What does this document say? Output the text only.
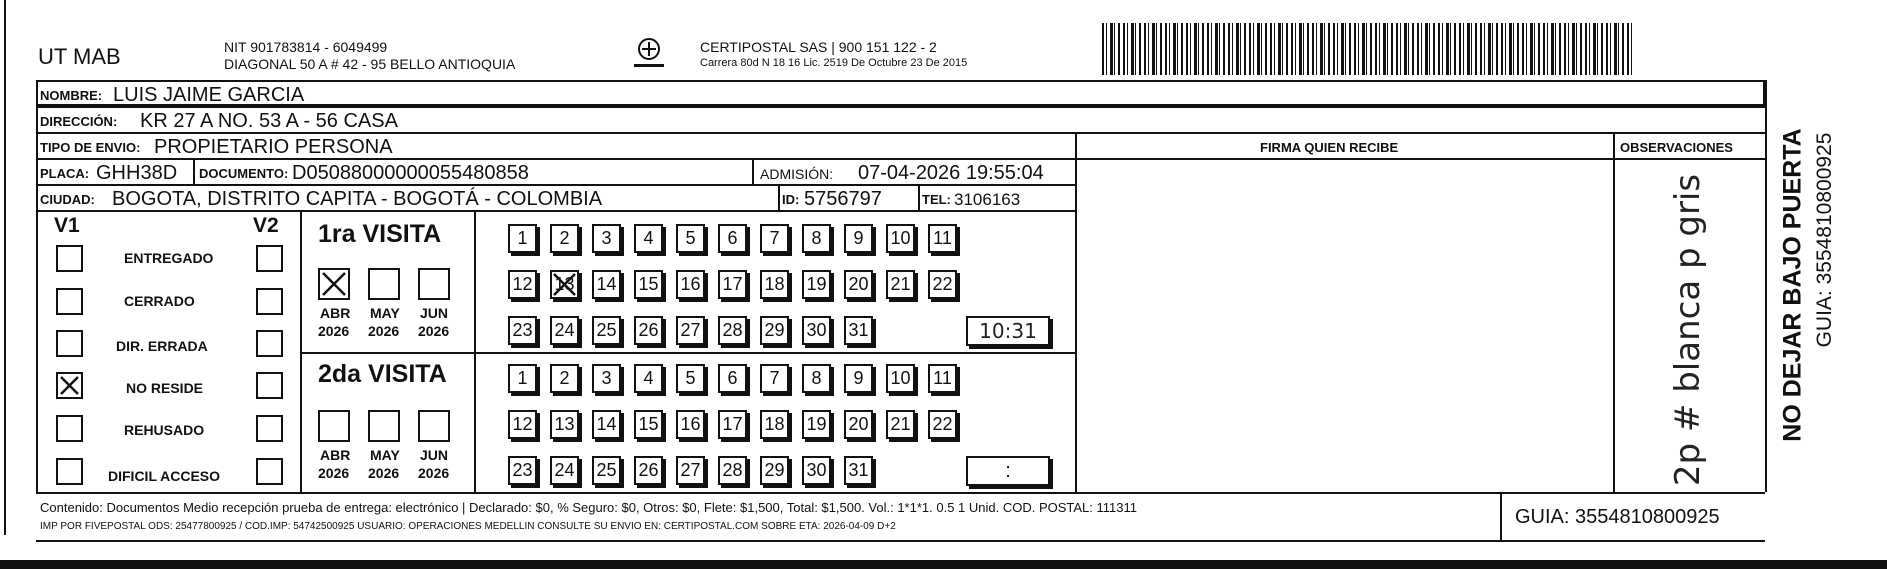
UT MAB	NIT 901783814 - 6049499
DIAGONAL 50 A # 42 - 95 BELLO ANTIOQUIA
CERTIPOSTAL SAS | 900 151 122 - 2
Carrera 80d N 18 16 Lic. 2519 De Octubre 23 De 2015
NOMBRE: LUIS JAIME GARCIA
DIRECCIÓN: KR 27 A NO. 53 A - 56 CASA
TIPO DE ENVIO: PROPIETARIO PERSONA
PLACA: GHH38D DOCUMENTO: D05088000000055480858	ADMISIÓN: 07-04-2026 19:55:04
CIUDAD: BOGOTA, DISTRITO CAPITA - BOGOTÁ - COLOMBIA	ID: 5756797	TEL: 3106163
FIRMA QUIEN RECIBE	OBSERVACIONES
2p # blanca p gris
V1	V2
ENTREGADO
CERRADO
DIR. ERRADA
NO RESIDE
REHUSADO
DIFICIL ACCESO
1ra VISITA
2da VISITA
ABR
2026
MAY
2026
JUN
2026
ABR
2026
MAY
2026
JUN
2026
1	2	3	4	5	6	7	8	9	10 11
12 13 14 15 16 17 18 19 20 21 22
23 24 25 26 27 28 29 30 31	10:31
1	2	3	4	5	6	7	8	9	10 11
12 13 14 15 16 17 18 19 20 21 22
23 24 25 26 27 28 29 30 31	:
Contenido: Documentos Medio recepción prueba de entrega: electrónico | Declarado: $0, % Seguro: $0, Otros: $0, Flete: $1,500, Total: $1,500. Vol.: 1*1*1. 0.5 1 Unid. COD. POSTAL: 111311
IMP POR FIVEPOSTAL ODS: 25477800925 / COD.IMP: 54742500925 USUARIO: OPERACIONES MEDELLIN CONSULTE SU ENVIO EN: CERTIPOSTAL.COM SOBRE ETA: 2026-04-09 D+2	GUIA: 3554810800925
NO DEJAR BAJO PUERTA GUIA: 3554810800925
